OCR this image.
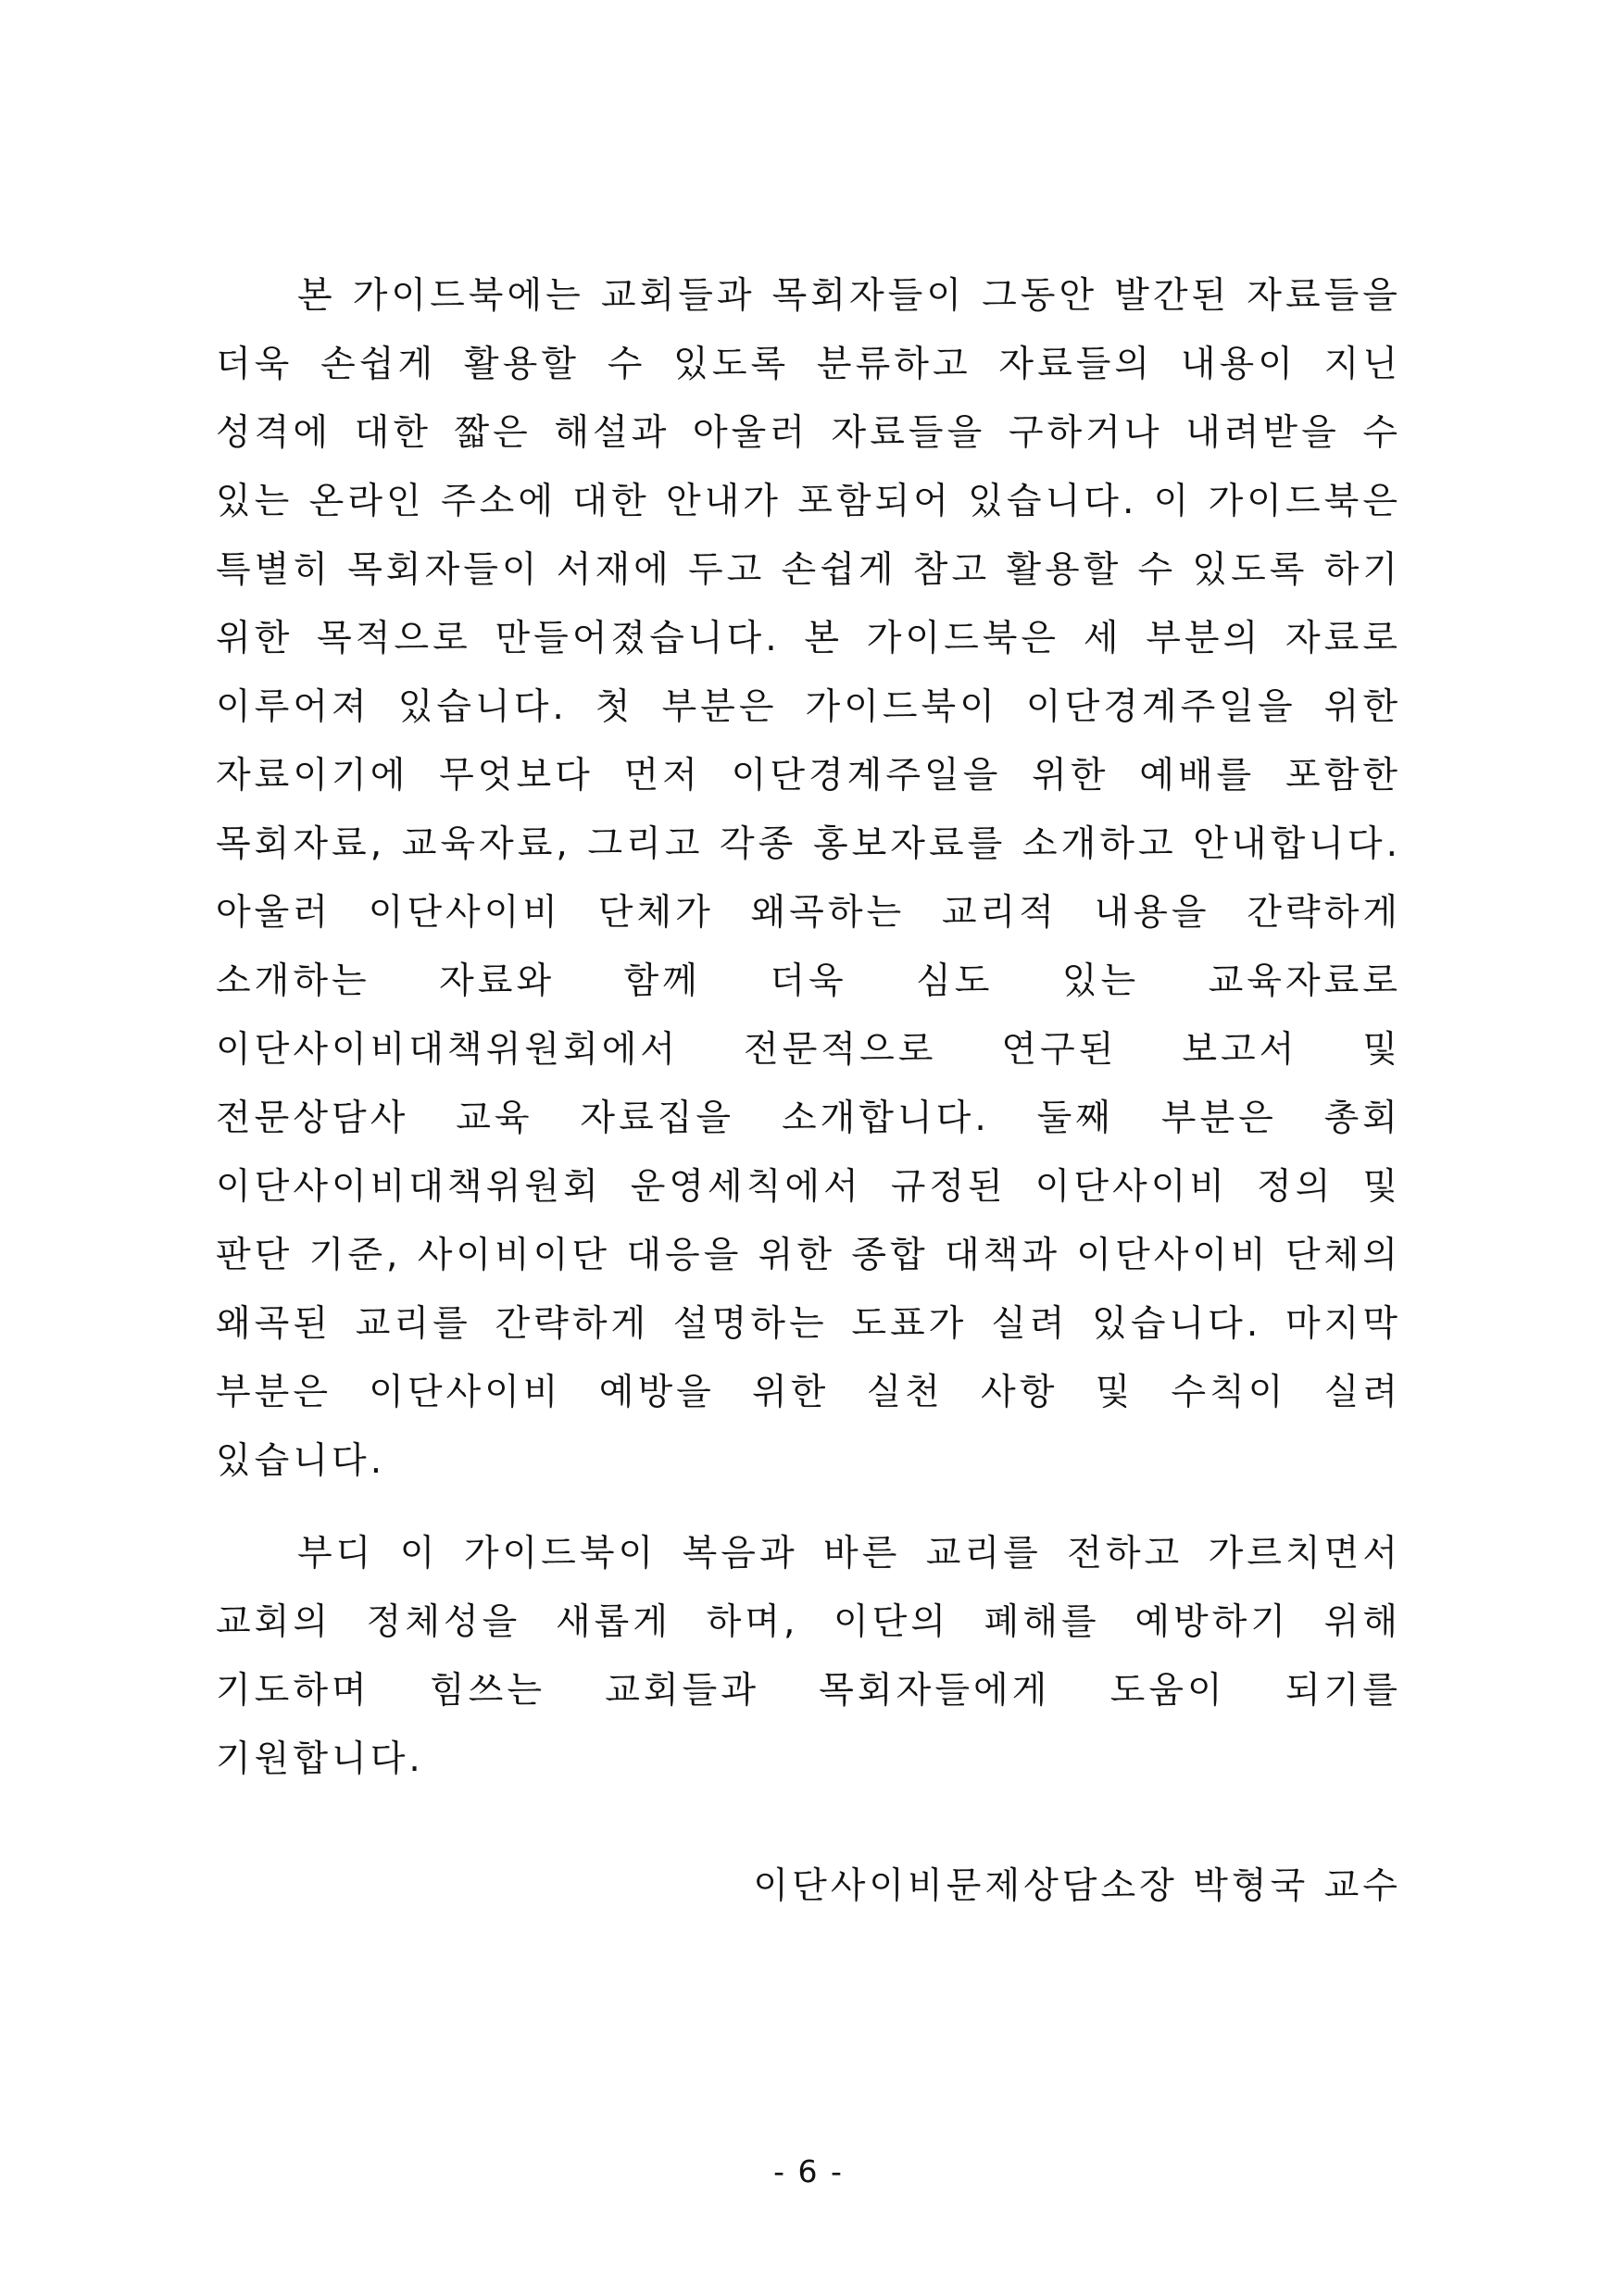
본 가이드북에는 교회들과 목회자들이 그동안 발간된 자료들을 더욱 손쉽게 활용할 수 있도록 분류하고 자료들의 내용이 지닌 성격에 대한 짧은 해설과 아울러 자료들을 구하거나 내려받을 수 있는 온라인 주소에 대한 안내가 포함되어 있습니다. 이 가이드북은 특별히 목회자들이 서재에 두고 손쉽게 참고 활용할 수 있도록 하기 위한 목적으로 만들어졌습니다. 본 가이드북은 세 부분의 자료로 이루어져 있습니다. 첫 부분은 가이드북이 이단경계주일을 위한 자료이기에 무엇보다 먼저 이단경계주일을 위한 예배를 포함한 목회자료, 교육자료, 그리고 각종 홍보자료를 소개하고 안내합니다. 아울러 이단사이비 단체가 왜곡하는 교리적 내용을 간략하게 소개하는 자료와 함께 더욱 심도 있는 교육자료로 이단사이비대책위원회에서 전문적으로 연구된 보고서 및 전문상담사 교육 자료집을 소개합니다. 둘째 부분은 총회 이단사이비대책위원회 운영세칙에서 규정된 이단사이비 정의 및 판단 기준, 사이비이단 대응을 위한 종합 대책과 이단사이비 단체의 왜곡된 교리를 간략하게 설명하는 도표가 실려 있습니다. 마지막 부분은 이단사이비 예방을 위한 실천 사항 및 수칙이 실려 있습니다.

부디 이 가이드북이 복음과 바른 교리를 전하고 가르치면서 교회의 정체성을 새롭게 하며, 이단의 폐해를 예방하기 위해 기도하며 힘쓰는 교회들과 목회자들에게 도움이 되기를 기원합니다.

이단사이비문제상담소장 박형국 교수
- 6 -
